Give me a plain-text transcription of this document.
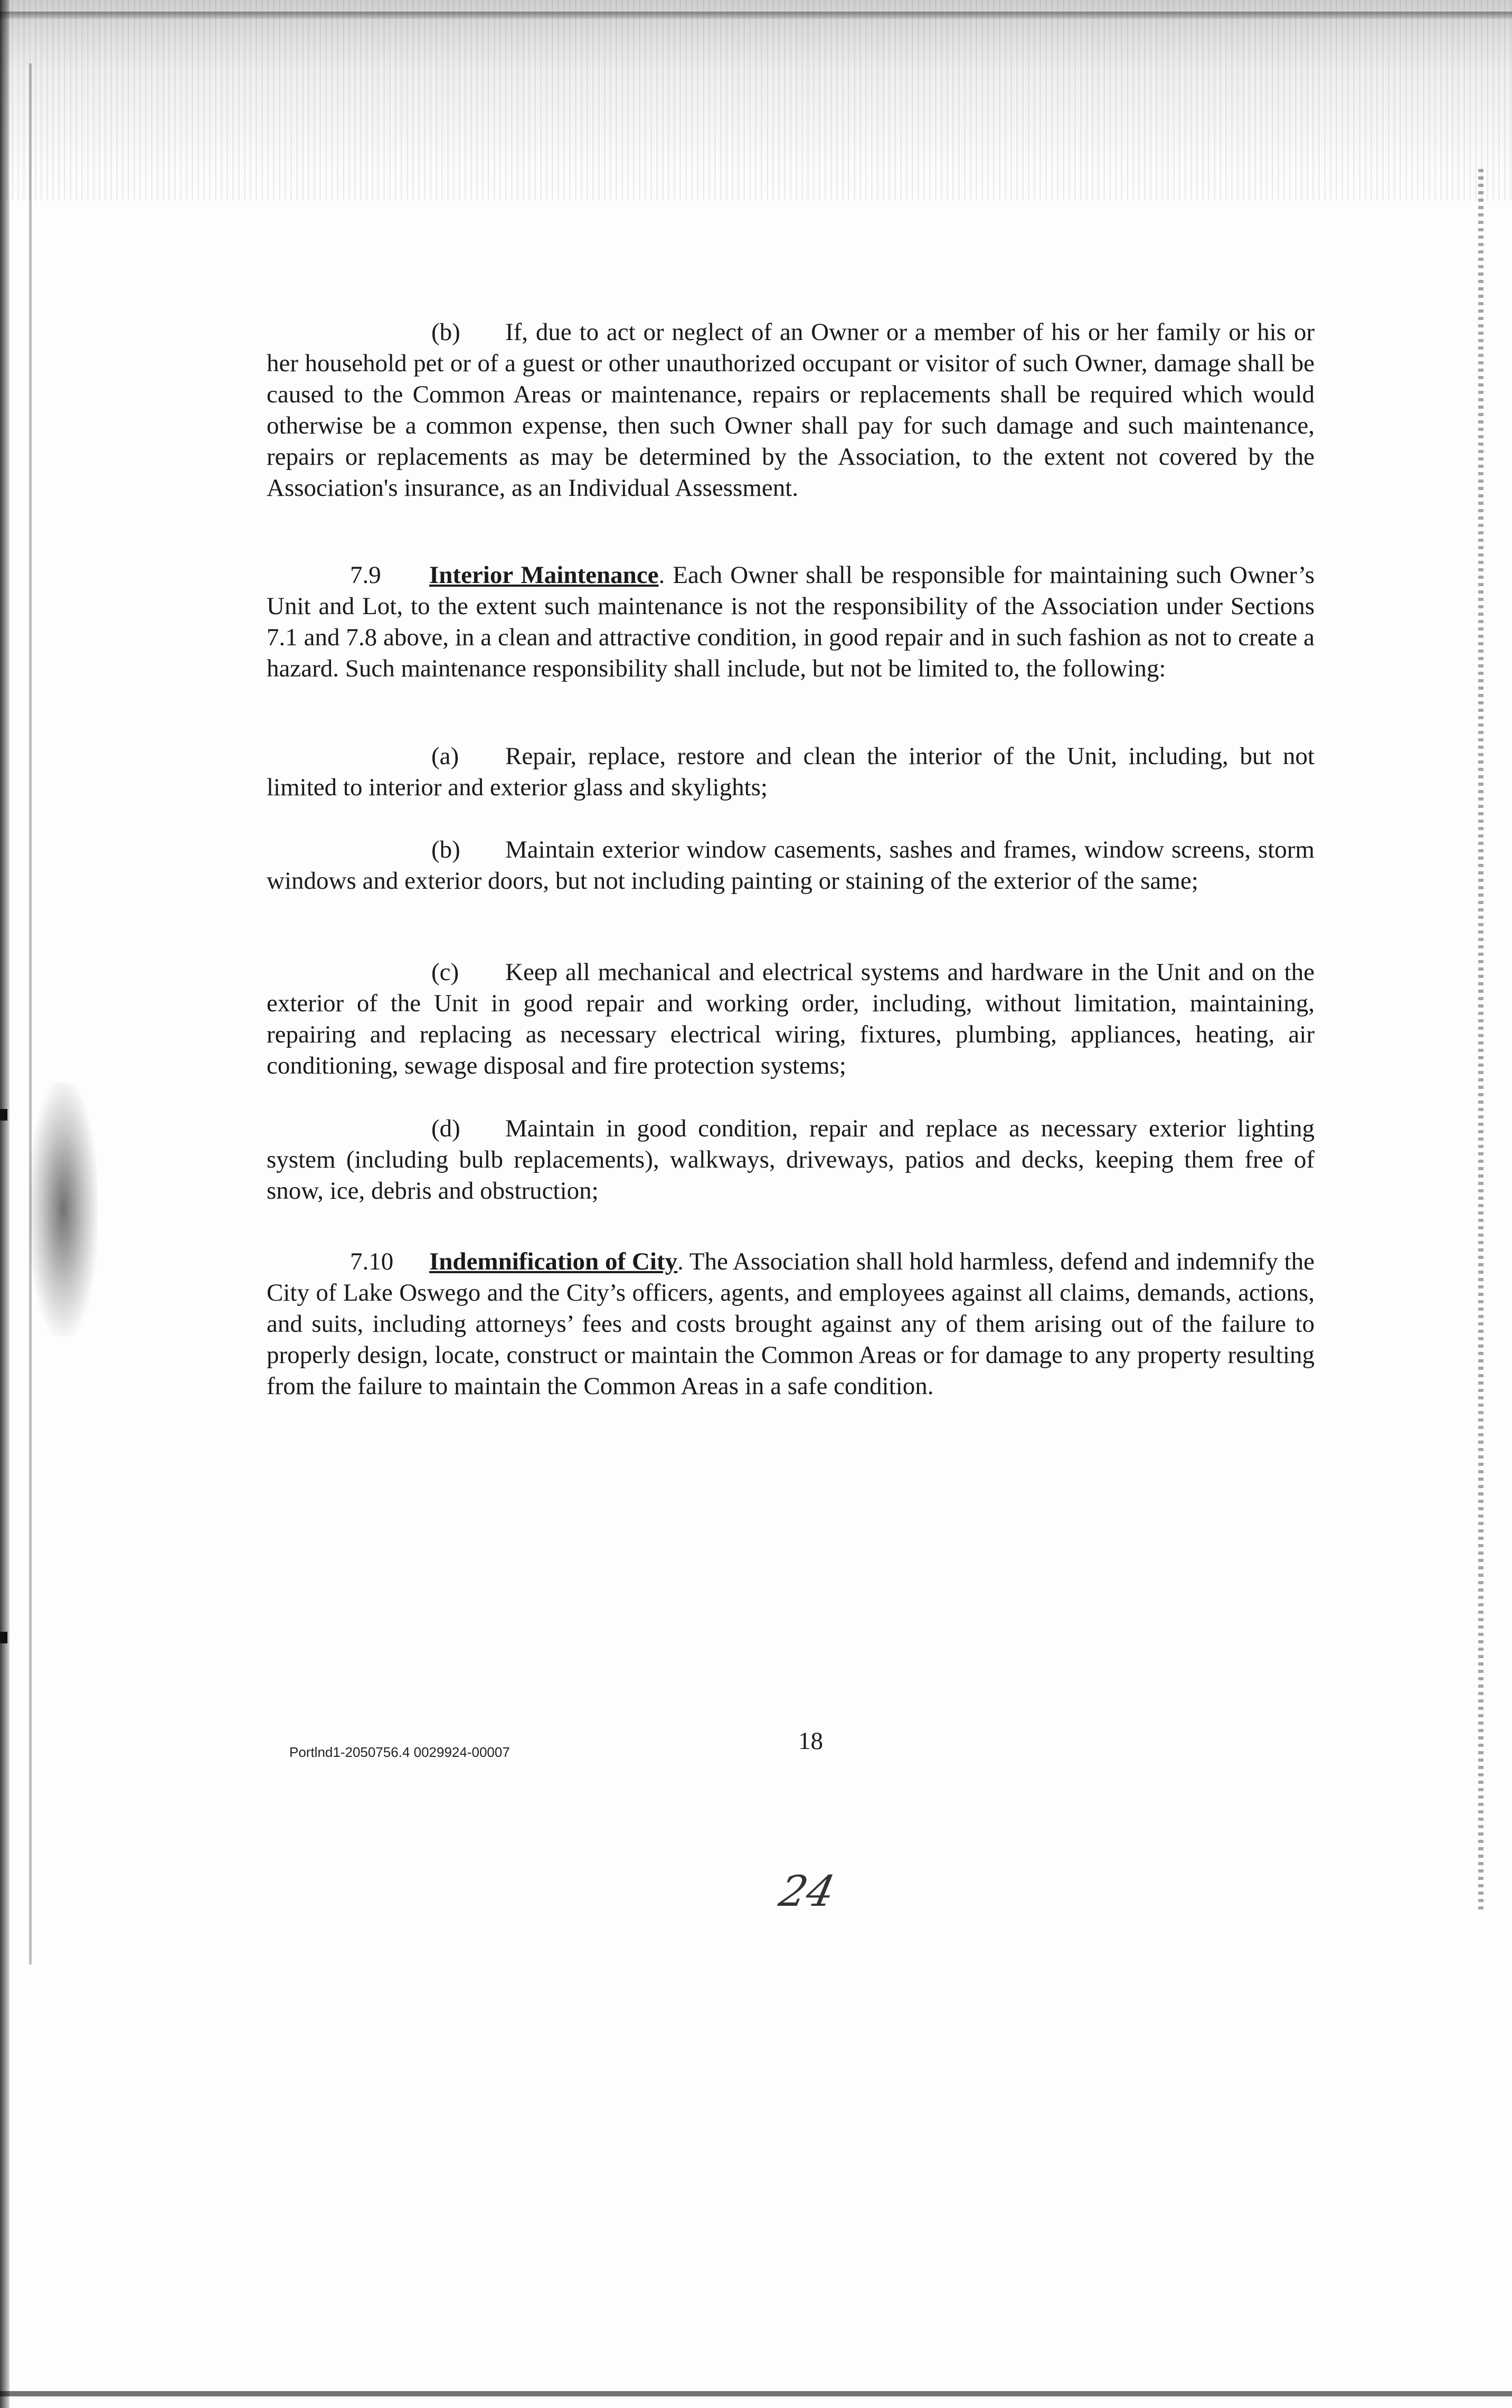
(b) If, due to act or neglect of an Owner or a member of his or her family or his or her household pet or of a guest or other unauthorized occupant or visitor of such Owner, damage shall be caused to the Common Areas or maintenance, repairs or replacements shall be required which would otherwise be a common expense, then such Owner shall pay for such damage and such maintenance, repairs or replacements as may be determined by the Association, to the extent not covered by the Association's insurance, as an Individual Assessment.

7.9 Interior Maintenance. Each Owner shall be responsible for maintaining such Owner’s Unit and Lot, to the extent such maintenance is not the responsibility of the Association under Sections 7.1 and 7.8 above, in a clean and attractive condition, in good repair and in such fashion as not to create a hazard. Such maintenance responsibility shall include, but not be limited to, the following:

(a) Repair, replace, restore and clean the interior of the Unit, including, but not limited to interior and exterior glass and skylights;

(b) Maintain exterior window casements, sashes and frames, window screens, storm windows and exterior doors, but not including painting or staining of the exterior of the same;

(c) Keep all mechanical and electrical systems and hardware in the Unit and on the exterior of the Unit in good repair and working order, including, without limitation, maintaining, repairing and replacing as necessary electrical wiring, fixtures, plumbing, appliances, heating, air conditioning, sewage disposal and fire protection systems;

(d) Maintain in good condition, repair and replace as necessary exterior lighting system (including bulb replacements), walkways, driveways, patios and decks, keeping them free of snow, ice, debris and obstruction;

7.10 Indemnification of City. The Association shall hold harmless, defend and indemnify the City of Lake Oswego and the City’s officers, agents, and employees against all claims, demands, actions, and suits, including attorneys’ fees and costs brought against any of them arising out of the failure to properly design, locate, construct or maintain the Common Areas or for damage to any property resulting from the failure to maintain the Common Areas in a safe condition.

Portlnd1-2050756.4 0029924-00007	18
24
